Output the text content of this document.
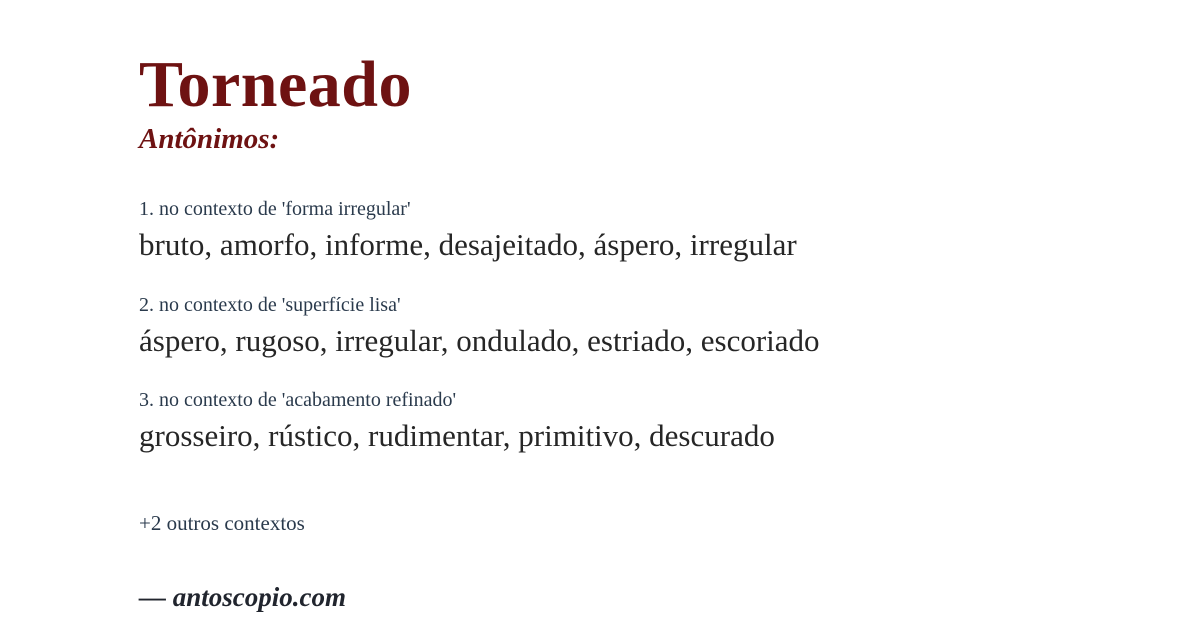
Torneado
Antônimos:

1. no contexto de 'forma irregular'

bruto, amorfo, informe, desajeitado, áspero, irregular

2. no contexto de 'superfície lisa'

áspero, rugoso, irregular, ondulado, estriado, escoriado

3. no contexto de 'acabamento refinado'

grosseiro, rústico, rudimentar, primitivo, descurado

+2 outros contextos
— antoscopio.com
